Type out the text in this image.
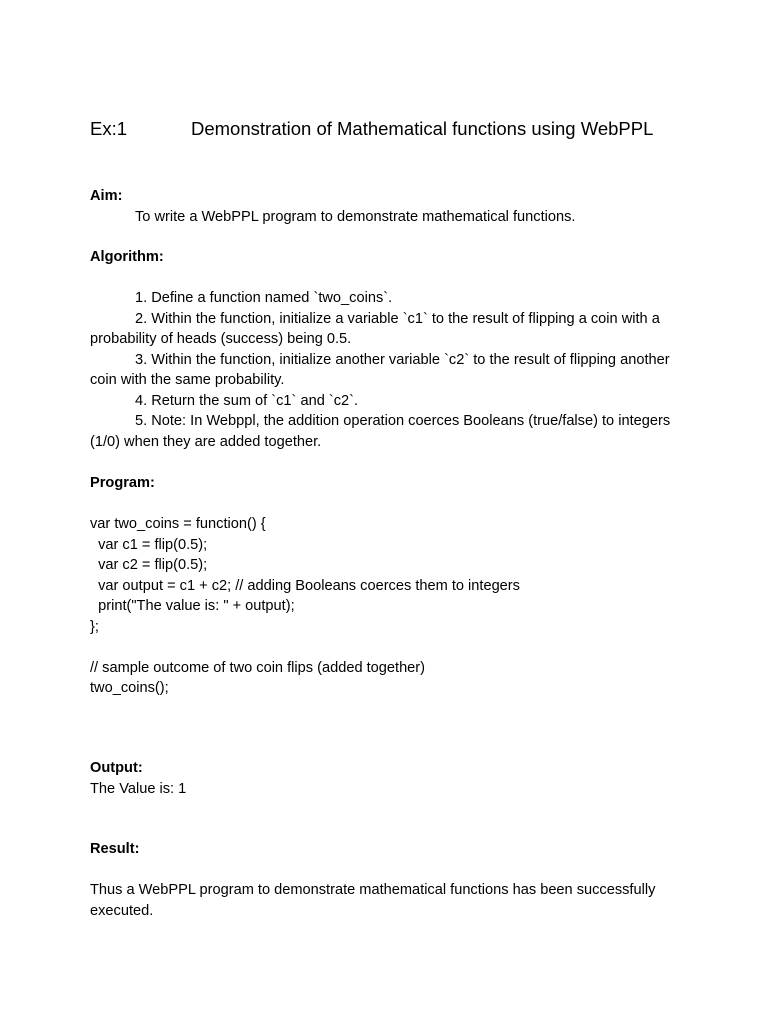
Ex:1	Demonstration of Mathematical functions using WebPPL
Aim:
To write a WebPPL program to demonstrate mathematical functions.
Algorithm:
1. Define a function named `two_coins`.
2. Within the function, initialize a variable `c1` to the result of flipping a coin with a probability of heads (success) being 0.5.
3. Within the function, initialize another variable `c2` to the result of flipping another coin with the same probability.
4. Return the sum of `c1` and `c2`.
5. Note: In Webppl, the addition operation coerces Booleans (true/false) to integers (1/0) when they are added together.
Program:
var two_coins = function() {
var c1 = flip(0.5);
var c2 = flip(0.5);
var output = c1 + c2; // adding Booleans coerces them to integers
print("The value is: " + output);
};
// sample outcome of two coin flips (added together)
two_coins();
Output:
The Value is: 1
Result:
Thus a WebPPL program to demonstrate mathematical functions has been successfully executed.
